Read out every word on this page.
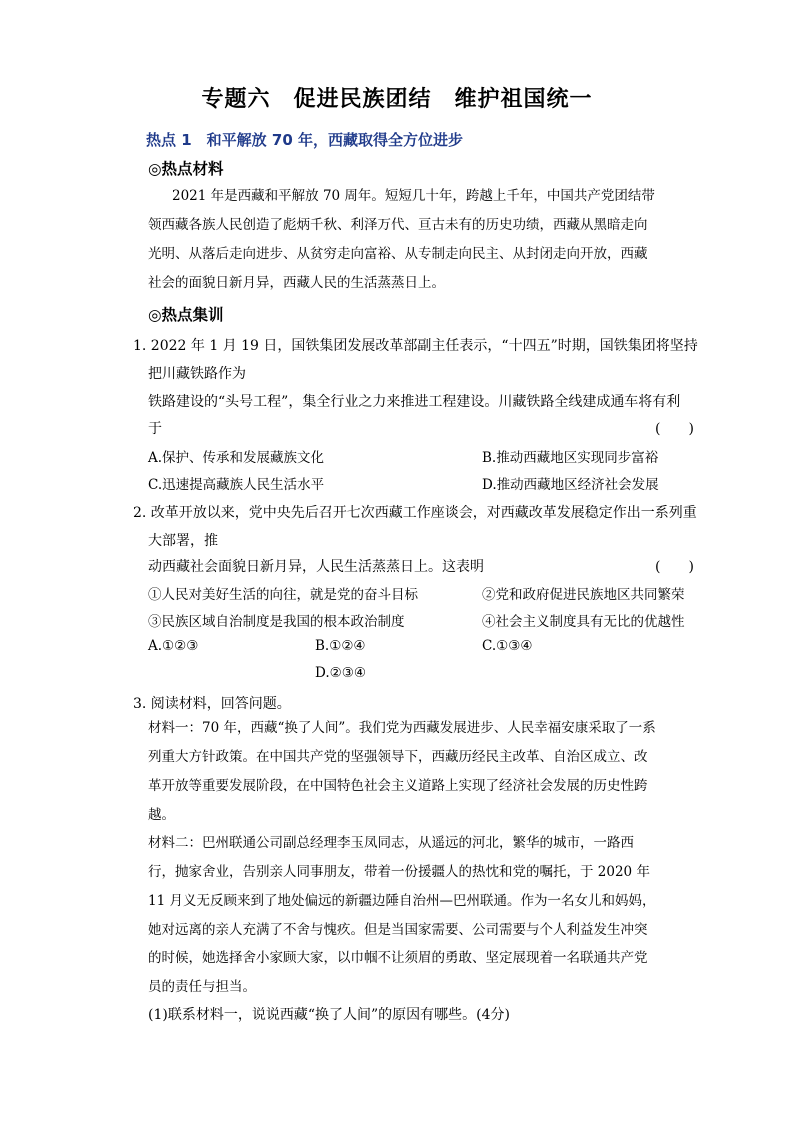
专题六　促进民族团结　维护祖国统一
热点 1　和平解放 70 年，西藏取得全方位进步
◎热点材料
2021 年是西藏和平解放 70 周年。短短几十年，跨越上千年，中国共产党团结带
领西藏各族人民创造了彪炳千秋、利泽万代、亘古未有的历史功绩，西藏从黑暗走向
光明、从落后走向进步、从贫穷走向富裕、从专制走向民主、从封闭走向开放，西藏
社会的面貌日新月异，西藏人民的生活蒸蒸日上。
◎热点集训
1. 2022 年 1 月 19 日，国铁集团发展改革部副主任表示，“十四五”时期，国铁集团将坚持
把川藏铁路作为
铁路建设的“头号工程”，集全行业之力来推进工程建设。川藏铁路全线建成通车将有利
于	(　　)
A.保护、传承和发展藏族文化	B.推动西藏地区实现同步富裕
C.迅速提高藏族人民生活水平	D.推动西藏地区经济社会发展
2. 改革开放以来，党中央先后召开七次西藏工作座谈会，对西藏改革发展稳定作出一系列重
大部署，推
动西藏社会面貌日新月异，人民生活蒸蒸日上。这表明	(　　)
①人民对美好生活的向往，就是党的奋斗目标	②党和政府促进民族地区共同繁荣
③民族区域自治制度是我国的根本政治制度	④社会主义制度具有无比的优越性
A.①②③	B.①②④	C.①③④
D.②③④
3. 阅读材料，回答问题。
材料一：70 年，西藏“换了人间”。我们党为西藏发展进步、人民幸福安康采取了一系
列重大方针政策。在中国共产党的坚强领导下，西藏历经民主改革、自治区成立、改
革开放等重要发展阶段，在中国特色社会主义道路上实现了经济社会发展的历史性跨
越。
材料二：巴州联通公司副总经理李玉凤同志，从遥远的河北，繁华的城市，一路西
行，抛家舍业，告别亲人同事朋友，带着一份援疆人的热忱和党的嘱托，于 2020 年
11 月义无反顾来到了地处偏远的新疆边陲自治州—巴州联通。作为一名女儿和妈妈，
她对远离的亲人充满了不舍与愧疚。但是当国家需要、公司需要与个人利益发生冲突
的时候，她选择舍小家顾大家，以巾帼不让须眉的勇敢、坚定展现着一名联通共产党
员的责任与担当。
(1)联系材料一，说说西藏“换了人间”的原因有哪些。(4分)
